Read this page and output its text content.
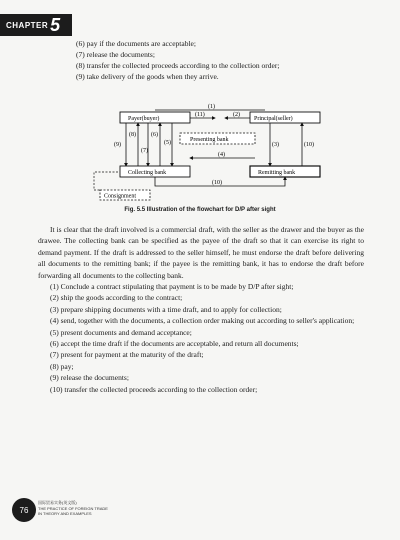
CHAPTER 5
(6) pay if the documents are acceptable;
(7) release the documents;
(8) transfer the collected proceeds according to the collection order;
(9) take delivery of the goods when they arrive.
(1)
Payer(buyer)	Principal(seller)
(11)	(2)
Presenting bank
(9)
(8)
(7)
(6)
(5)	(3)	(10)
(4)
Collecting bank	Remitting bank
(10)
Consignment
Fig. 5.5 Illustration of the flowchart for D/P after sight

It is clear that the draft involved is a commercial draft, with the seller as the drawer and the buyer as the drawee. The collecting bank can be specified as the payee of the draft so that it can exercise its right to demand payment. If the draft is addressed to the seller himself, he must endorse the draft before delivering all documents to the remitting bank; if the payee is the remitting bank, it has to endorse the draft before forwarding all documents to the collecting bank.

(1) Conclude a contract stipulating that payment is to be made by D/P after sight;
(2) ship the goods according to the contract;
(3) prepare shipping documents with a time draft, and to apply for collection;
(4) send, together with the documents, a collection order making out according to seller's application;
(5) present documents and demand acceptance;
(6) accept the time draft if the documents are acceptable, and return all documents;
(7) present for payment at the maturity of the draft;
(8) pay;
(9) release the documents;
(10) transfer the collected proceeds according to the collection order;
76
国际贸易实务(英文版)
THE PRACTICE OF FOREIGN TRADE
IN THEORY AND EXAMPLES
